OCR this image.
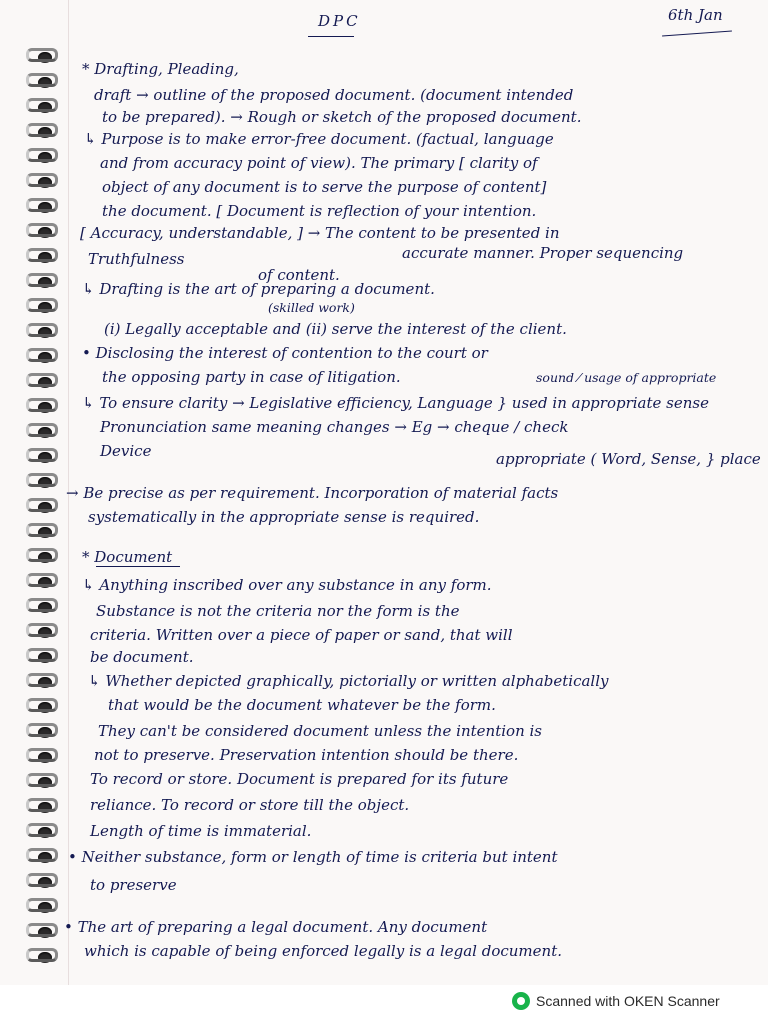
DPC	6th Jan
* Drafting, Pleading,
draft → outline of the proposed document. (document intended
to be prepared). → Rough or sketch of the proposed document.
↳ Purpose is to make error-free document. (factual, language
and from accuracy point of view). The primary [ clarity of
object of any document is to serve the purpose of content]
the document. [ Document is reflection of your intention.
[ Accuracy, understandable, ] → The content to be presented in
accurate manner. Proper sequencing
Truthfulness
of content.
↳ Drafting is the art of preparing a document.
(skilled work)
(i) Legally acceptable and (ii) serve the interest of the client.
• Disclosing the interest of contention to the court or
the opposing party in case of litigation.	sound ⁄ usage of appropriate
↳ To ensure clarity → Legislative efficiency, Language } used in appropriate sense
Pronunciation same meaning changes → Eg → cheque / check
Device	appropriate ( Word, Sense, } place
→ Be precise as per requirement. Incorporation of material facts
systematically in the appropriate sense is required.
* Document
↳ Anything inscribed over any substance in any form.
Substance is not the criteria nor the form is the
criteria. Written over a piece of paper or sand, that will
be document.
↳ Whether depicted graphically, pictorially or written alphabetically
that would be the document whatever be the form.
They can't be considered document unless the intention is
not to preserve. Preservation intention should be there.
To record or store. Document is prepared for its future
reliance. To record or store till the object.
Length of time is immaterial.
• Neither substance, form or length of time is criteria but intent
to preserve
• The art of preparing a legal document. Any document
which is capable of being enforced legally is a legal document.
Scanned with OKEN Scanner
